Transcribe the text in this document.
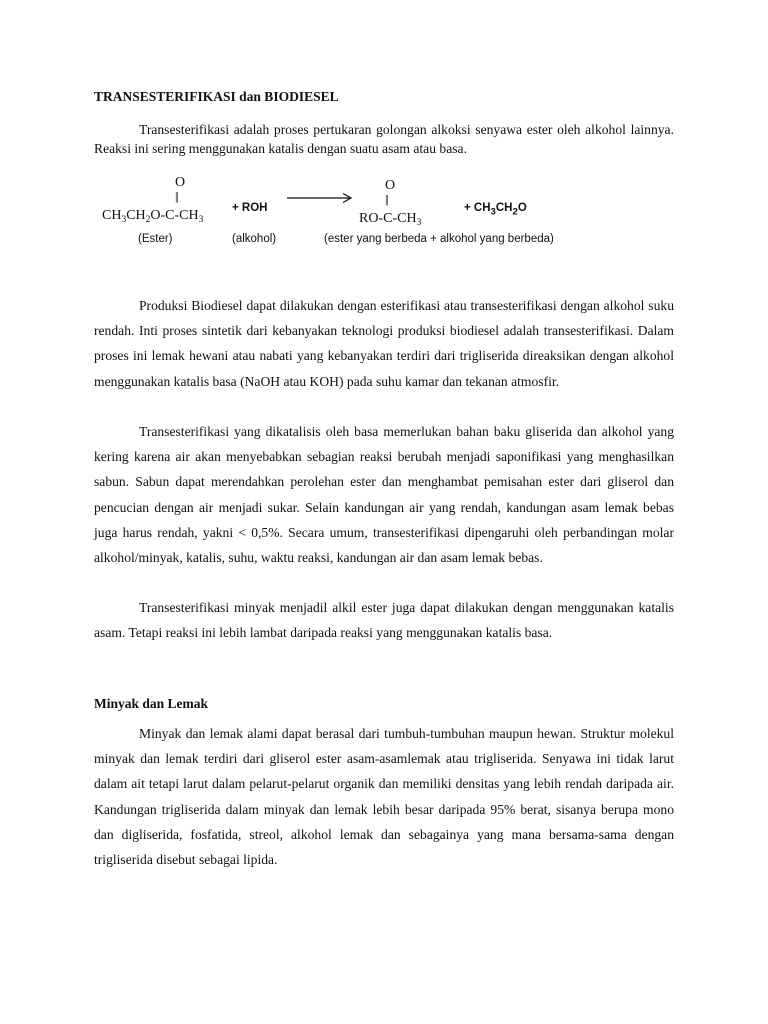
TRANSESTERIFIKASI dan BIODIESEL

Transesterifikasi adalah proses pertukaran golongan alkoksi senyawa ester oleh alkohol lainnya. Reaksi ini sering menggunakan katalis dengan suatu asam atau basa.

O
||
$CH_3CH_2O-C-CH_3$
+ ROH
O
||
$RO-C-CH_3$
+ $CH_3CH_2O$
(Ester)	(alkohol)	(ester yang berbeda + alkohol yang berbeda)

Produksi Biodiesel dapat dilakukan dengan esterifikasi atau transesterifikasi dengan alkohol suku rendah. Inti proses sintetik dari kebanyakan teknologi produksi biodiesel adalah transesterifikasi. Dalam proses ini lemak hewani atau nabati yang kebanyakan terdiri dari trigliserida direaksikan dengan alkohol menggunakan katalis basa (NaOH atau KOH) pada suhu kamar dan tekanan atmosfir.

Transesterifikasi yang dikatalisis oleh basa memerlukan bahan baku gliserida dan alkohol yang kering karena air akan menyebabkan sebagian reaksi berubah menjadi saponifikasi yang menghasilkan sabun. Sabun dapat merendahkan perolehan ester dan menghambat pemisahan ester dari gliserol dan pencucian dengan air menjadi sukar. Selain kandungan air yang rendah, kandungan asam lemak bebas juga harus rendah, yakni < 0,5%. Secara umum, transesterifikasi dipengaruhi oleh perbandingan molar alkohol/minyak, katalis, suhu, waktu reaksi, kandungan air dan asam lemak bebas.

Transesterifikasi minyak menjadil alkil ester juga dapat dilakukan dengan menggunakan katalis asam. Tetapi reaksi ini lebih lambat daripada reaksi yang menggunakan katalis basa.

Minyak dan Lemak

Minyak dan lemak alami dapat berasal dari tumbuh-tumbuhan maupun hewan. Struktur molekul minyak dan lemak terdiri dari gliserol ester asam-asamlemak atau trigliserida. Senyawa ini tidak larut dalam ait tetapi larut dalam pelarut-pelarut organik dan memiliki densitas yang lebih rendah daripada air. Kandungan trigliserida dalam minyak dan lemak lebih besar daripada 95% berat, sisanya berupa mono dan digliserida, fosfatida, streol, alkohol lemak dan sebagainya yang mana bersama-sama dengan trigliserida disebut sebagai lipida.
